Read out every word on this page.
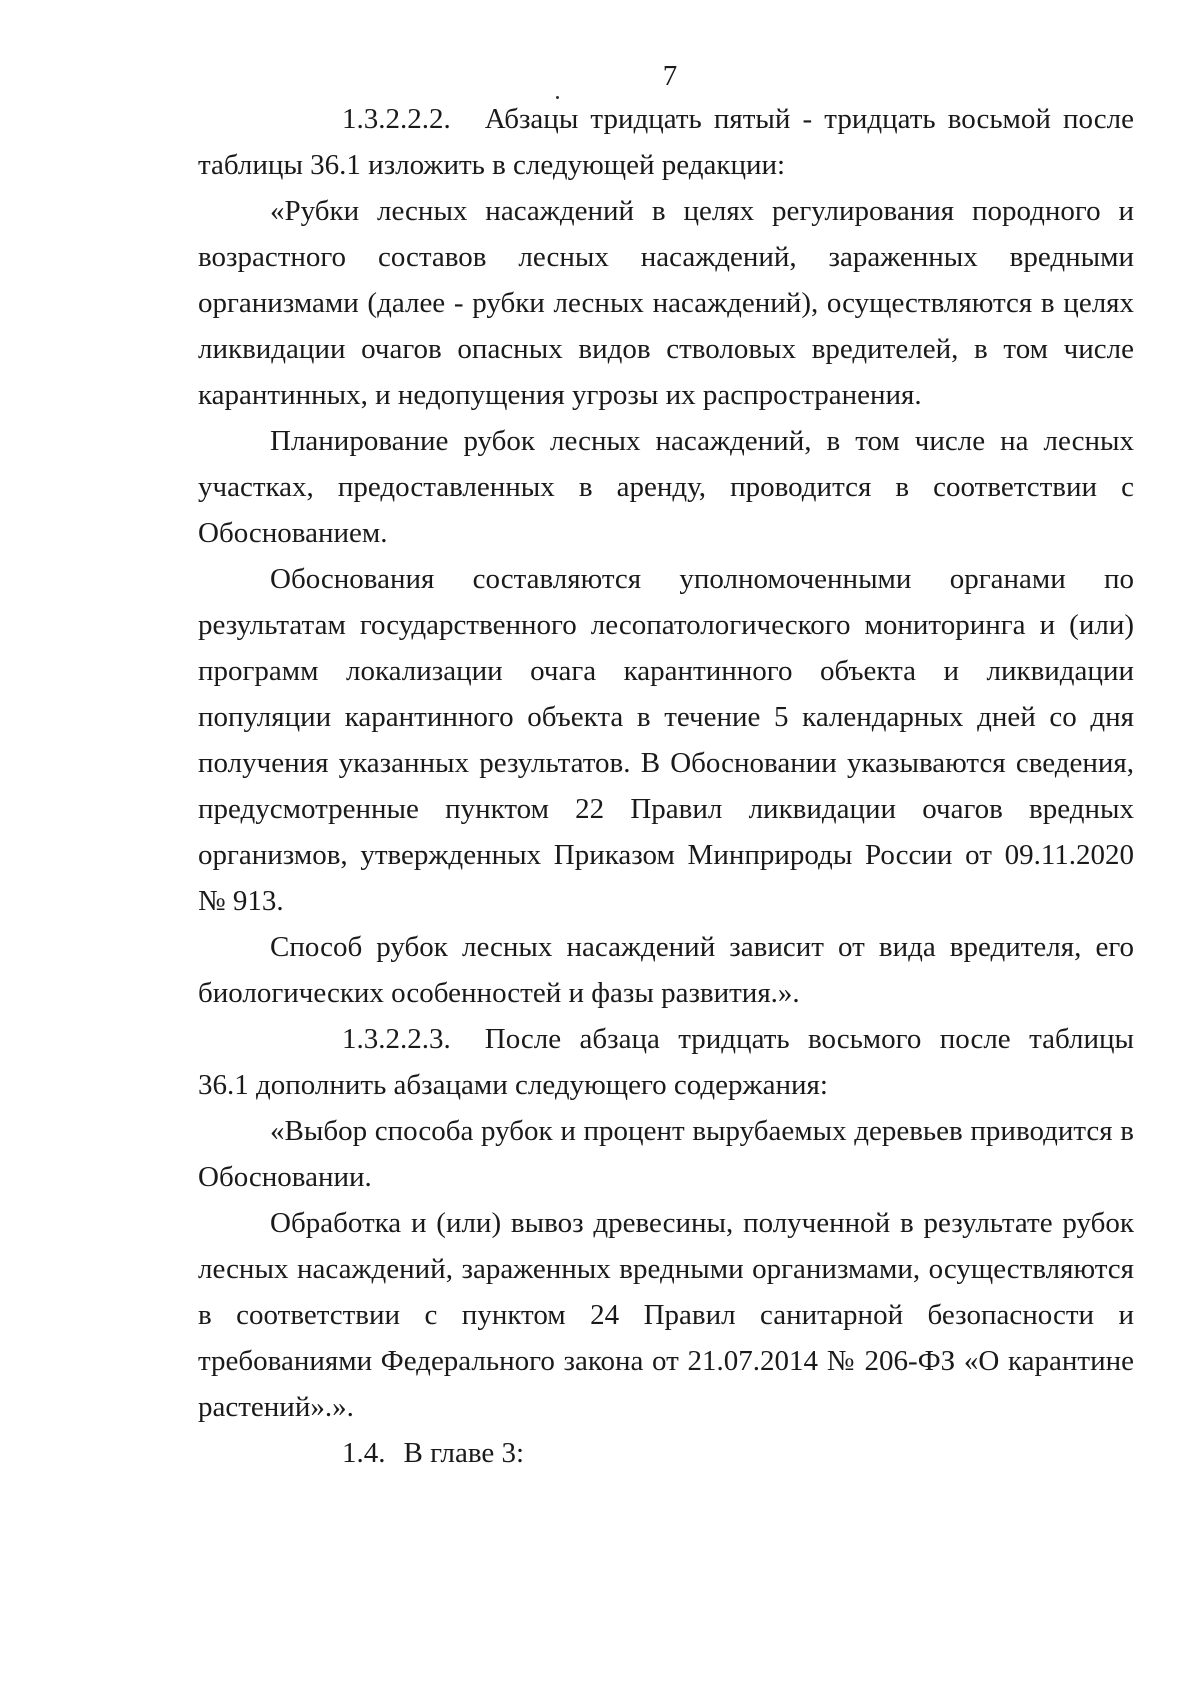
7

1.3.2.2.2. Абзацы тридцать пятый - тридцать восьмой после таблицы 36.1 изложить в следующей редакции:

«Рубки лесных насаждений в целях регулирования породного и возрастного составов лесных насаждений, зараженных вредными организмами (далее - рубки лесных насаждений), осуществляются в целях ликвидации очагов опасных видов стволовых вредителей, в том числе карантинных, и недопущения угрозы их распространения.

Планирование рубок лесных насаждений, в том числе на лесных участках, предоставленных в аренду, проводится в соответствии с Обоснованием.

Обоснования составляются уполномоченными органами по результатам государственного лесопатологического мониторинга и (или) программ локализации очага карантинного объекта и ликвидации популяции карантинного объекта в течение 5 календарных дней со дня получения указанных результатов. В Обосновании указываются сведения, предусмотренные пунктом 22 Правил ликвидации очагов вредных организмов, утвержденных Приказом Минприроды России от 09.11.2020 № 913.

Способ рубок лесных насаждений зависит от вида вредителя, его биологических особенностей и фазы развития.».

1.3.2.2.3. После абзаца тридцать восьмого после таблицы 36.1 дополнить абзацами следующего содержания:

«Выбор способа рубок и процент вырубаемых деревьев приводится в Обосновании.

Обработка и (или) вывоз древесины, полученной в результате рубок лесных насаждений, зараженных вредными организмами, осуществляются в соответствии с пунктом 24 Правил санитарной безопасности и требованиями Федерального закона от 21.07.2014 № 206-ФЗ «О карантине растений».».

1.4. В главе 3:
